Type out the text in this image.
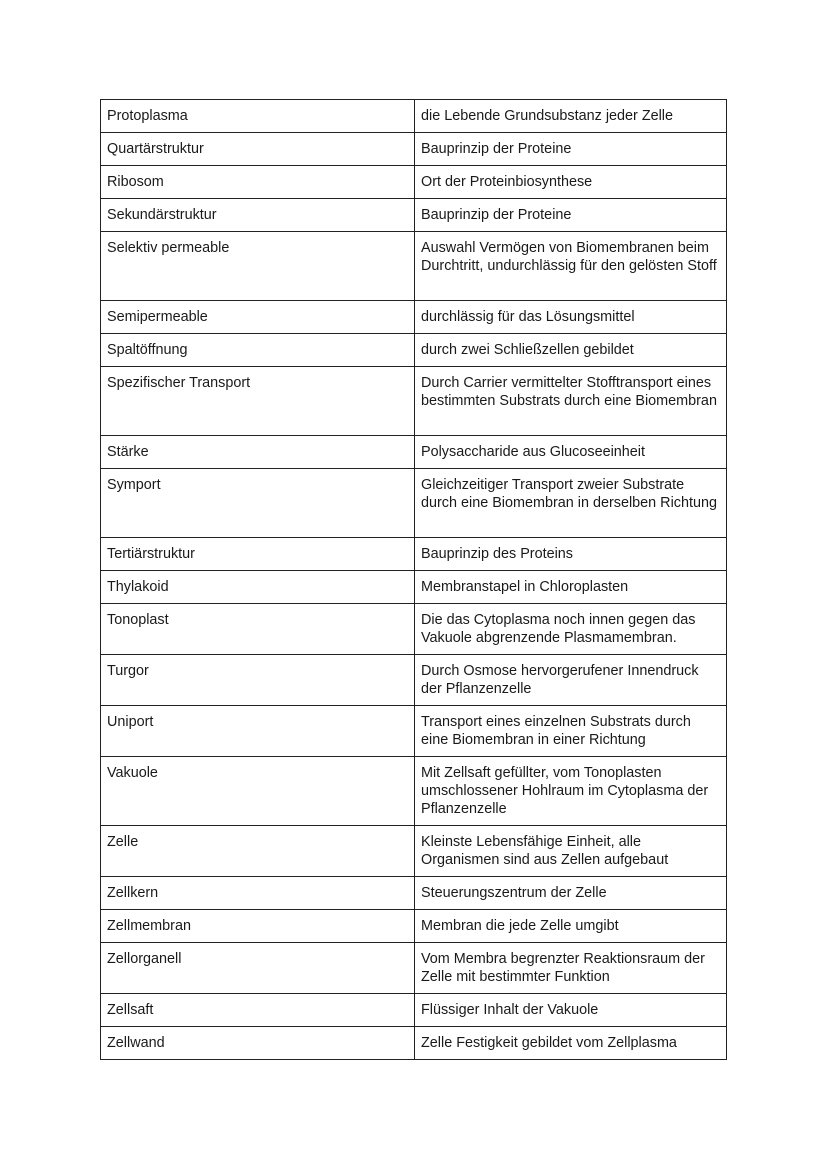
Protoplasma	die Lebende Grundsubstanz jeder Zelle
Quartärstruktur	Bauprinzip der Proteine
Ribosom	Ort der Proteinbiosynthese
Sekundärstruktur	Bauprinzip der Proteine
Selektiv permeable	Auswahl Vermögen von Biomembranen beim Durchtritt, undurchlässig für den gelösten Stoff
Semipermeable	durchlässig für das Lösungsmittel
Spaltöffnung	durch zwei Schließzellen gebildet
Spezifischer Transport	Durch Carrier vermittelter Stofftransport eines bestimmten Substrats durch eine Biomembran
Stärke	Polysaccharide aus Glucoseeinheit
Symport	Gleichzeitiger Transport zweier Substrate durch eine Biomembran in derselben Richtung
Tertiärstruktur	Bauprinzip des Proteins
Thylakoid	Membranstapel in Chloroplasten
Tonoplast	Die das Cytoplasma noch innen gegen das Vakuole abgrenzende Plasmamembran.
Turgor	Durch Osmose hervorgerufener Innendruck der Pflanzenzelle
Uniport	Transport eines einzelnen Substrats durch eine Biomembran in einer Richtung
Vakuole	Mit Zellsaft gefüllter, vom Tonoplasten umschlossener Hohlraum im Cytoplasma der Pflanzenzelle
Zelle	Kleinste Lebensfähige Einheit, alle Organismen sind aus Zellen aufgebaut
Zellkern	Steuerungszentrum der Zelle
Zellmembran	Membran die jede Zelle umgibt
Zellorganell	Vom Membra begrenzter Reaktionsraum der Zelle mit bestimmter Funktion
Zellsaft	Flüssiger Inhalt der Vakuole
Zellwand	Zelle Festigkeit gebildet vom Zellplasma
